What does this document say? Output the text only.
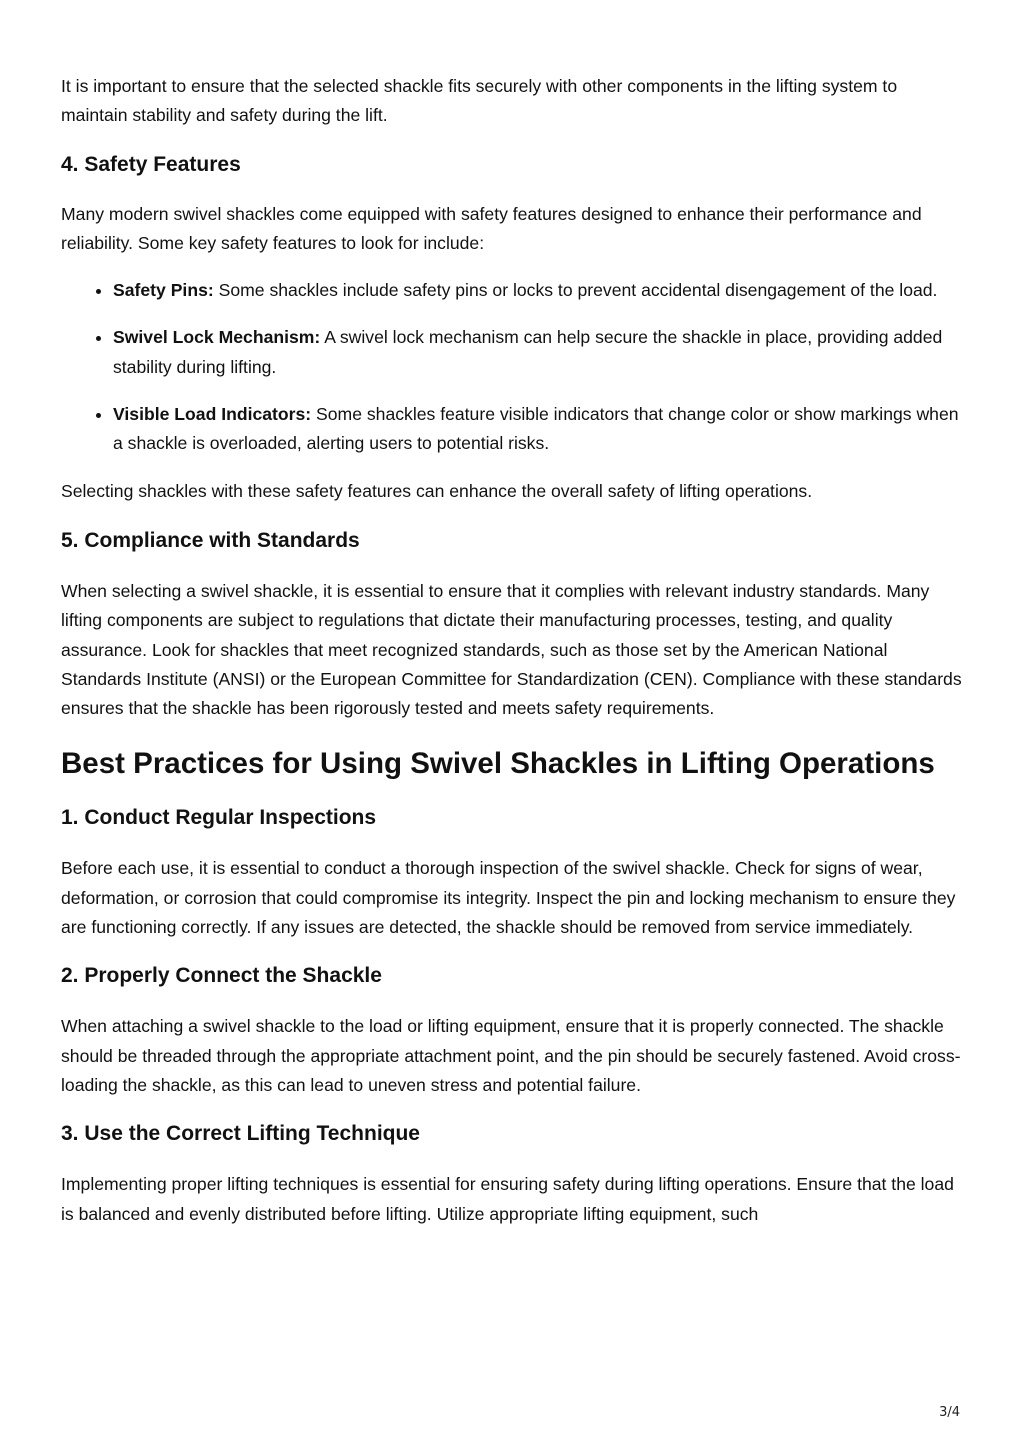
It is important to ensure that the selected shackle fits securely with other components in the lifting system to maintain stability and safety during the lift.

4. Safety Features

Many modern swivel shackles come equipped with safety features designed to enhance their performance and reliability. Some key safety features to look for include:

• Safety Pins: Some shackles include safety pins or locks to prevent accidental disengagement of the load.
• Swivel Lock Mechanism: A swivel lock mechanism can help secure the shackle in place, providing added stability during lifting.
• Visible Load Indicators: Some shackles feature visible indicators that change color or show markings when a shackle is overloaded, alerting users to potential risks.

Selecting shackles with these safety features can enhance the overall safety of lifting operations.

5. Compliance with Standards

When selecting a swivel shackle, it is essential to ensure that it complies with relevant industry standards. Many lifting components are subject to regulations that dictate their manufacturing processes, testing, and quality assurance. Look for shackles that meet recognized standards, such as those set by the American National Standards Institute (ANSI) or the European Committee for Standardization (CEN). Compliance with these standards ensures that the shackle has been rigorously tested and meets safety requirements.

Best Practices for Using Swivel Shackles in Lifting Operations
1. Conduct Regular Inspections

Before each use, it is essential to conduct a thorough inspection of the swivel shackle. Check for signs of wear, deformation, or corrosion that could compromise its integrity. Inspect the pin and locking mechanism to ensure they are functioning correctly. If any issues are detected, the shackle should be removed from service immediately.

2. Properly Connect the Shackle

When attaching a swivel shackle to the load or lifting equipment, ensure that it is properly connected. The shackle should be threaded through the appropriate attachment point, and the pin should be securely fastened. Avoid cross-loading the shackle, as this can lead to uneven stress and potential failure.

3. Use the Correct Lifting Technique

Implementing proper lifting techniques is essential for ensuring safety during lifting operations. Ensure that the load is balanced and evenly distributed before lifting. Utilize appropriate lifting equipment, such

3/4
